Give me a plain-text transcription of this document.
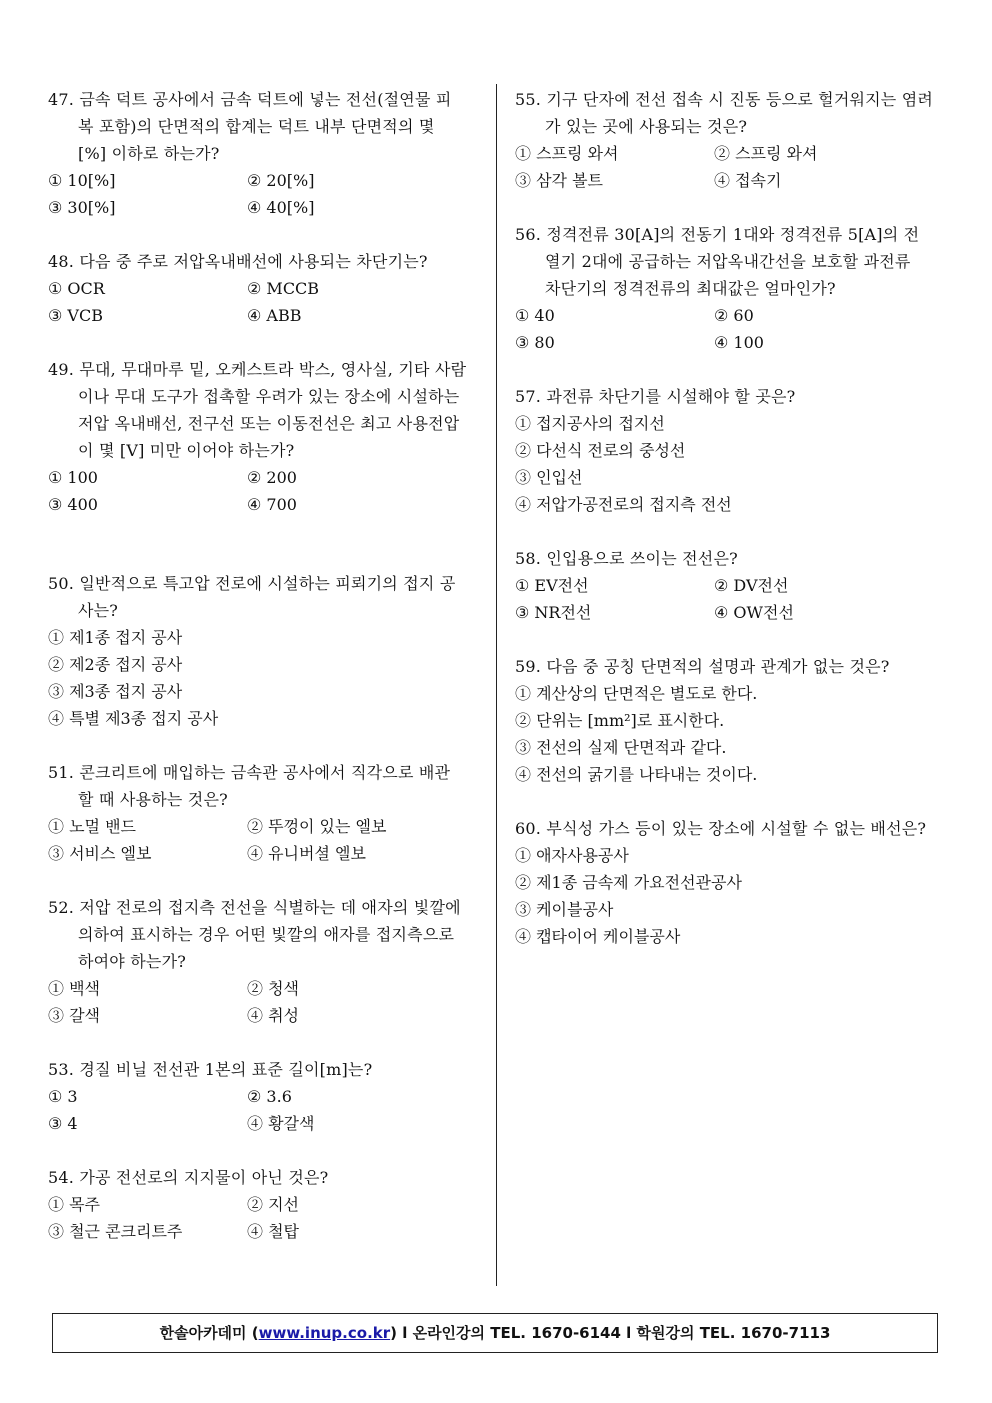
47. 금속 덕트 공사에서 금속 덕트에 넣는 전선(절연물 피
복 포함)의 단면적의 합계는 덕트 내부 단면적의 몇
[%] 이하로 하는가?
① 10[%]	② 20[%]
③ 30[%]	④ 40[%]
48. 다음 중 주로 저압옥내배선에 사용되는 차단기는?
① OCR	② MCCB
③ VCB	④ ABB
49. 무대, 무대마루 밑, 오케스트라 박스, 영사실, 기타 사람
이나 무대 도구가 접촉할 우려가 있는 장소에 시설하는
저압 옥내배선, 전구선 또는 이동전선은 최고 사용전압
이 몇 [V] 미만 이어야 하는가?
① 100	② 200
③ 400	④ 700
50. 일반적으로 특고압 전로에 시설하는 피뢰기의 접지 공
사는?
① 제1종 접지 공사
② 제2종 접지 공사
③ 제3종 접지 공사
④ 특별 제3종 접지 공사
51. 콘크리트에 매입하는 금속관 공사에서 직각으로 배관
할 때 사용하는 것은?
① 노멀 밴드	② 뚜껑이 있는 엘보
③ 서비스 엘보	④ 유니버셜 엘보
52. 저압 전로의 접지측 전선을 식별하는 데 애자의 빛깔에
의하여 표시하는 경우 어떤 빛깔의 애자를 접지측으로
하여야 하는가?
① 백색	② 청색
③ 갈색	④ 취성
53. 경질 비닐 전선관 1본의 표준 길이[m]는?
① 3	② 3.6
③ 4	④ 황갈색
54. 가공 전선로의 지지물이 아닌 것은?
① 목주	② 지선
③ 철근 콘크리트주	④ 철탑
55. 기구 단자에 전선 접속 시 진동 등으로 헐거워지는 염려
가 있는 곳에 사용되는 것은?
① 스프링 와셔	② 스프링 와셔
③ 삼각 볼트	④ 접속기
56. 정격전류 30[A]의 전동기 1대와 정격전류 5[A]의 전
열기 2대에 공급하는 저압옥내간선을 보호할 과전류
차단기의 정격전류의 최대값은 얼마인가?
① 40	② 60
③ 80	④ 100
57. 과전류 차단기를 시설해야 할 곳은?
① 접지공사의 접지선
② 다선식 전로의 중성선
③ 인입선
④ 저압가공전로의 접지측 전선
58. 인입용으로 쓰이는 전선은?
① EV전선	② DV전선
③ NR전선	④ OW전선
59. 다음 중 공칭 단면적의 설명과 관계가 없는 것은?
① 계산상의 단면적은 별도로 한다.
② 단위는 [mm²]로 표시한다.
③ 전선의 실제 단면적과 같다.
④ 전선의 굵기를 나타내는 것이다.
60. 부식성 가스 등이 있는 장소에 시설할 수 없는 배선은?
① 애자사용공사
② 제1종 금속제 가요전선관공사
③ 케이블공사
④ 캡타이어 케이블공사
한솔아카데미 (www.inup.co.kr) l 온라인강의 TEL. 1670-6144 l 학원강의 TEL. 1670-7113
